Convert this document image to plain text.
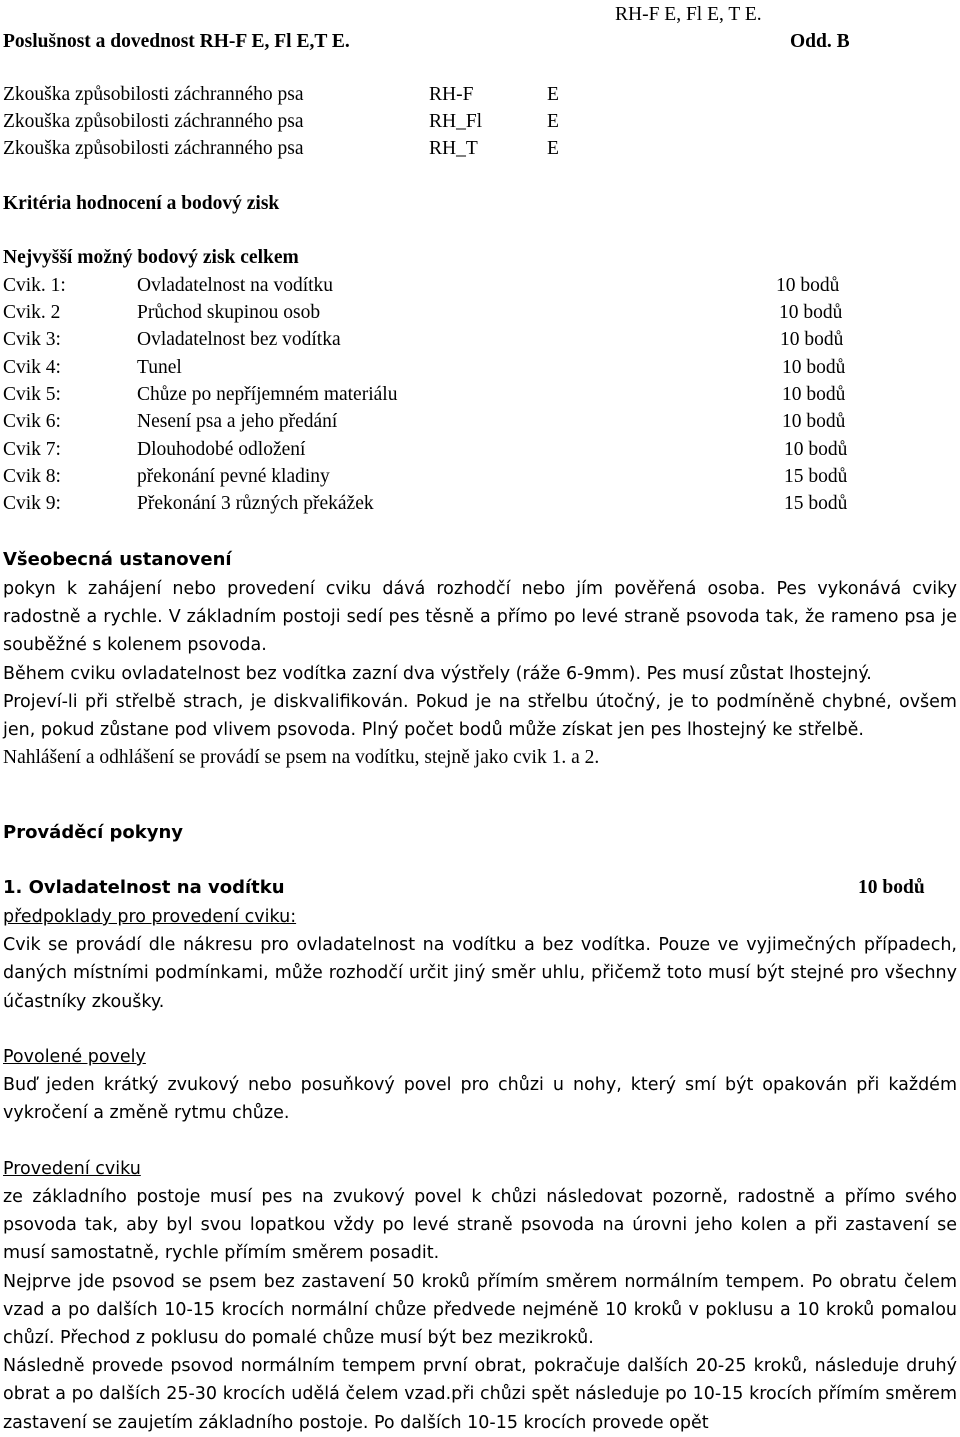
RH-F E, Fl E, T E.
Poslušnost a dovednost RH-F E, Fl E,T E.	Odd. B
Zkouška způsobilosti záchranného psa	RH-F	E
Zkouška způsobilosti záchranného psa	RH_Fl	E
Zkouška způsobilosti záchranného psa	RH_T	E
Kritéria hodnocení a bodový zisk
Nejvyšší možný bodový zisk celkem
Cvik. 1:	Ovladatelnost na vodítku	10 bodů
Cvik. 2	Průchod skupinou osob	10 bodů
Cvik 3:	Ovladatelnost bez vodítka	10 bodů
Cvik 4:	Tunel	10 bodů
Cvik 5:	Chůze po nepříjemném materiálu	10 bodů
Cvik 6:	Nesení psa a jeho předání	10 bodů
Cvik 7:	Dlouhodobé odložení	10 bodů
Cvik 8:	překonání pevné kladiny	15 bodů
Cvik 9:	Překonání 3 různých překážek	15 bodů
Všeobecná ustanovení

pokyn k zahájení nebo provedení cviku dává rozhodčí nebo jím pověřená osoba. Pes vykonává cviky radostně a rychle. V základním postoji sedí pes těsně a přímo po levé straně psovoda tak, že rameno psa je souběžné s kolenem psovoda.

Během cviku ovladatelnost bez vodítka zazní dva výstřely (ráže 6-9mm). Pes musí zůstat lhostejný.

Projeví-li při střelbě strach, je diskvalifikován. Pokud je na střelbu útočný, je to podmíněně chybné, ovšem jen, pokud zůstane pod vlivem psovoda. Plný počet bodů může získat jen pes lhostejný ke střelbě.

Nahlášení a odhlášení se provádí se psem na vodítku, stejně jako cvik 1. a 2.

Prováděcí pokyny
1. Ovladatelnost na vodítku	10 bodů

předpoklady pro provedení cviku:

Cvik se provádí dle nákresu pro ovladatelnost na vodítku a bez vodítka. Pouze ve vyjimečných případech, daných místními podmínkami, může rozhodčí určit jiný směr uhlu, přičemž toto musí být stejné pro všechny účastníky zkoušky.

Povolené povely

Buď jeden krátký zvukový nebo posuňkový povel pro chůzi u nohy, který smí být opakován při každém vykročení a změně rytmu chůze.

Provedení cviku

ze základního postoje musí pes na zvukový povel k chůzi následovat pozorně, radostně a přímo svého psovoda tak, aby byl svou lopatkou vždy po levé straně psovoda na úrovni jeho kolen a při zastavení se musí samostatně, rychle přímím směrem posadit.

Nejprve jde psovod se psem bez zastavení 50 kroků přímím směrem normálním tempem. Po obratu čelem vzad a po dalších 10-15 krocích normální chůze předvede nejméně 10 kroků v poklusu a 10 kroků pomalou chůzí. Přechod z poklusu do pomalé chůze musí být bez mezikroků.

Následně provede psovod normálním tempem první obrat, pokračuje dalších 20-25 kroků, následuje druhý obrat a po dalších 25-30 krocích udělá čelem vzad.při chůzi spět následuje po 10-15 krocích přímím směrem zastavení se zaujetím základního postoje. Po dalších 10-15 krocích provede opět
